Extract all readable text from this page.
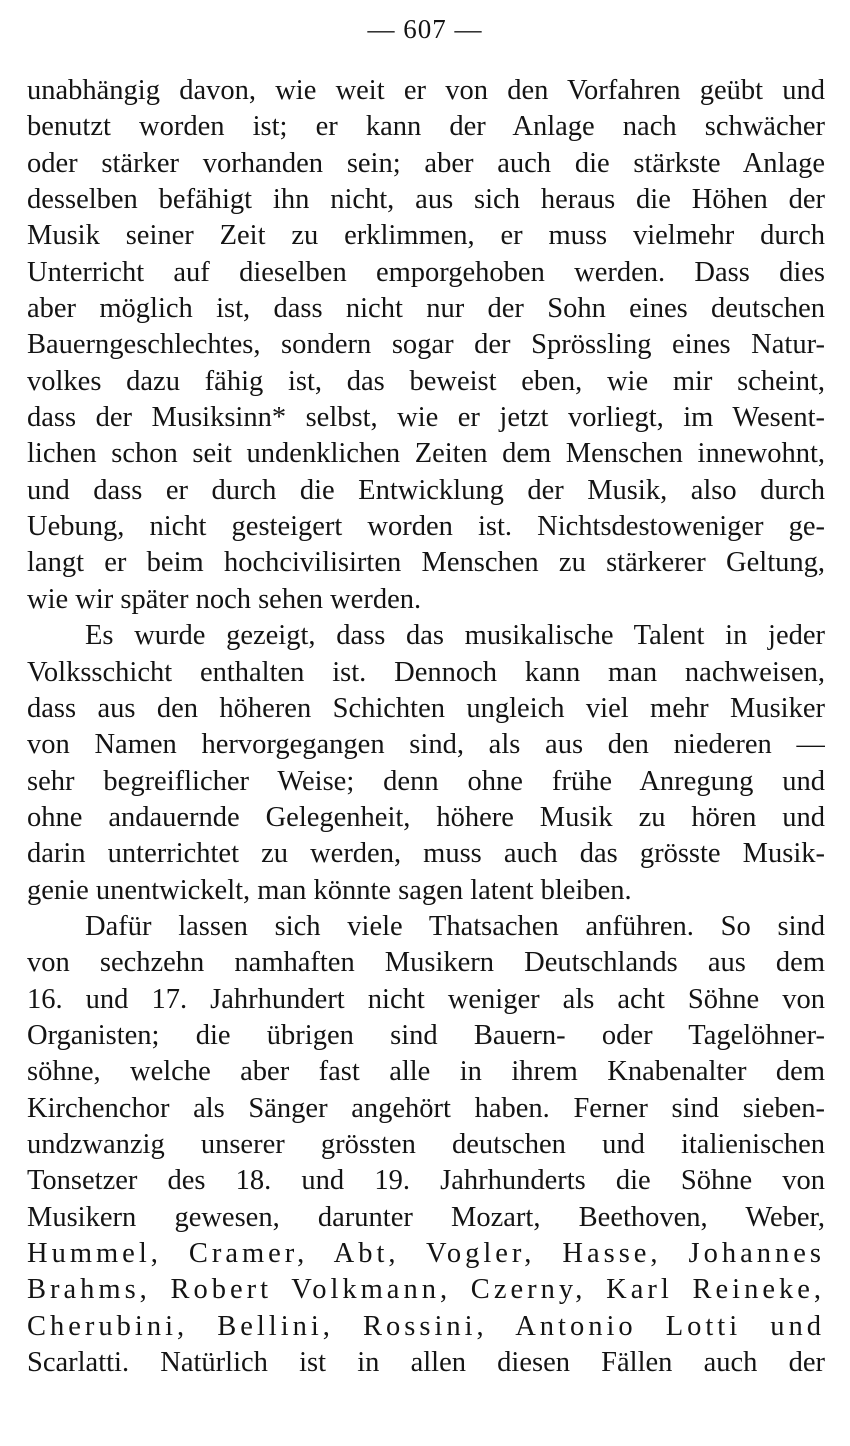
— 607 —
unabhängig davon, wie weit er von den Vorfahren geübt und
benutzt worden ist; er kann der Anlage nach schwächer
oder stärker vorhanden sein; aber auch die stärkste Anlage
desselben befähigt ihn nicht, aus sich heraus die Höhen der
Musik seiner Zeit zu erklimmen, er muss vielmehr durch
Unterricht auf dieselben emporgehoben werden. Dass dies
aber möglich ist, dass nicht nur der Sohn eines deutschen
Bauerngeschlechtes, sondern sogar der Sprössling eines Natur-
volkes dazu fähig ist, das beweist eben, wie mir scheint,
dass der Musiksinn* selbst, wie er jetzt vorliegt, im Wesent-
lichen schon seit undenklichen Zeiten dem Menschen innewohnt,
und dass er durch die Entwicklung der Musik, also durch
Uebung, nicht gesteigert worden ist. Nichtsdestoweniger ge-
langt er beim hochcivilisirten Menschen zu stärkerer Geltung,
wie wir später noch sehen werden.
Es wurde gezeigt, dass das musikalische Talent in jeder
Volksschicht enthalten ist. Dennoch kann man nachweisen,
dass aus den höheren Schichten ungleich viel mehr Musiker
von Namen hervorgegangen sind, als aus den niederen —
sehr begreiflicher Weise; denn ohne frühe Anregung und
ohne andauernde Gelegenheit, höhere Musik zu hören und
darin unterrichtet zu werden, muss auch das grösste Musik-
genie unentwickelt, man könnte sagen latent bleiben.
Dafür lassen sich viele Thatsachen anführen. So sind
von sechzehn namhaften Musikern Deutschlands aus dem
16. und 17. Jahrhundert nicht weniger als acht Söhne von
Organisten; die übrigen sind Bauern- oder Tagelöhner-
söhne, welche aber fast alle in ihrem Knabenalter dem
Kirchenchor als Sänger angehört haben. Ferner sind sieben-
undzwanzig unserer grössten deutschen und italienischen
Tonsetzer des 18. und 19. Jahrhunderts die Söhne von
Musikern gewesen, darunter Mozart, Beethoven, Weber,
Hummel, Cramer, Abt, Vogler, Hasse, Johannes
Brahms, Robert Volkmann, Czerny, Karl Reineke,
Cherubini, Bellini, Rossini, Antonio Lotti und
Scarlatti. Natürlich ist in allen diesen Fällen auch der
